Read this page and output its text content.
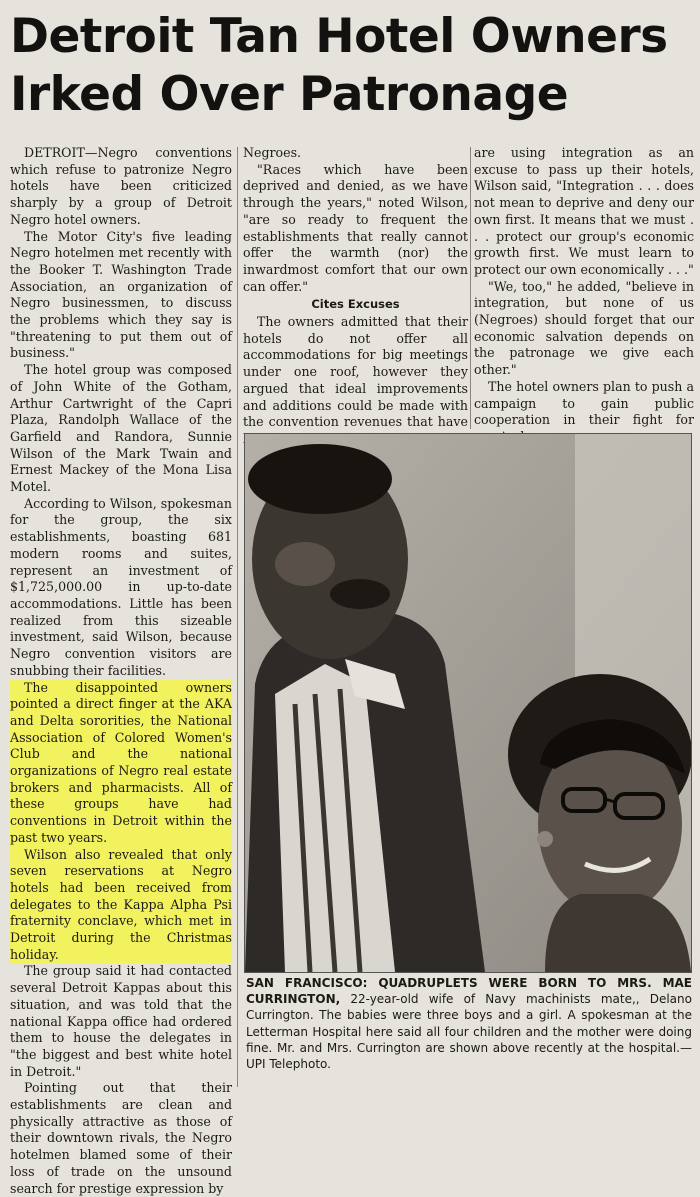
Detroit Tan Hotel Owners
Irked Over Patronage

DETROIT—Negro conventions which refuse to patronize Negro hotels have been criticized sharply by a group of Detroit Negro hotel owners.

The Motor City's five leading Negro hotelmen met recently with the Booker T. Washington Trade Association, an organization of Negro businessmen, to discuss the problems which they say is "threatening to put them out of business."

The hotel group was composed of John White of the Gotham, Arthur Cartwright of the Capri Plaza, Randolph Wallace of the Garfield and Randora, Sunnie Wilson of the Mark Twain and Ernest Mackey of the Mona Lisa Motel.

According to Wilson, spokesman for the group, the six establishments, boasting 681 modern rooms and suites, represent an investment of $1,725,000.00 in up-to-date accommodations. Little has been realized from this sizeable investment, said Wilson, because Negro convention visitors are snubbing their facilities.

The disappointed owners pointed a direct finger at the AKA and Delta sororities, the National Association of Colored Women's Club and the national organizations of Negro real estate brokers and pharmacists. All of these groups have had conventions in Detroit within the past two years.

Wilson also revealed that only seven reservations at Negro hotels had been received from delegates to the Kappa Alpha Psi fraternity conclave, which met in Detroit during the Christmas holiday.

The group said it had contacted several Detroit Kappas about this situation, and was told that the national Kappa office had ordered them to house the delegates in "the biggest and best white hotel in Detroit."

Pointing out that their establishments are clean and physically attractive as those of their downtown rivals, the Negro hotelmen blamed some of their loss of trade on the unsound search for prestige expression by

Negroes.

"Races which have been deprived and denied, as we have through the years," noted Wilson, "are so ready to frequent the establishments that really cannot offer the warmth (nor) the inwardmost comfort that our own can offer."

Cites Excuses

The owners admitted that their hotels do not offer all accommodations for big meetings under one roof, however they argued that ideal improvements and additions could be made with the convention revenues that have

are using integration as an excuse to pass up their hotels, Wilson said, "Integration . . . does not mean to deprive and deny our own first. It means that we must . . . protect our group's economic growth first. We must learn to protect our own economically . . ."

"We, too," he added, "believe in integration, but none of us (Negroes) should forget that our economic salvation depends on the patronage we give each other."

The hotel owners plan to push a campaign to gain public cooperation in their fight for

SAN FRANCISCO: QUADRUPLETS WERE BORN TO MRS. MAE CURRINGTON, 22-year-old wife of Navy machinists mate,, Delano Currington. The babies were three boys and a girl. A spokesman at the Letterman Hospital here said all four children and the mother were doing fine. Mr. and Mrs. Currington are shown above recently at the hospital.—UPI Telephoto.
